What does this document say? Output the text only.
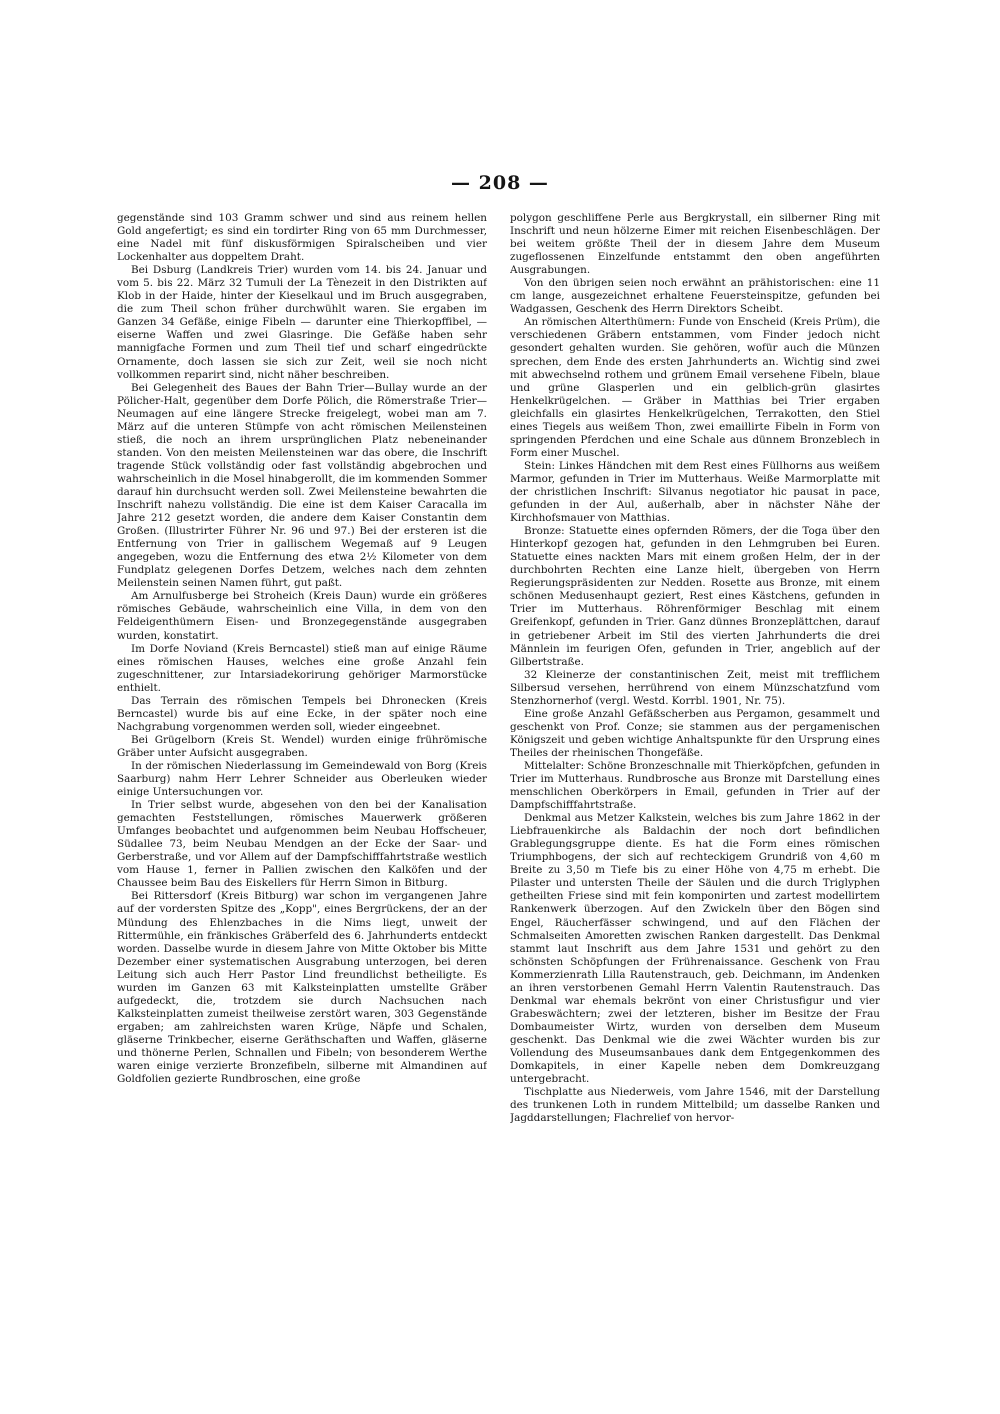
— 208 —

gegenstände sind 103 Gramm schwer und sind aus reinem hellen Gold angefertigt; es sind ein tordirter Ring von 65 mm Durchmesser, eine Nadel mit fünf diskusförmigen Spiralscheiben und vier Lockenhalter aus doppeltem Draht.

Bei Dsburg (Landkreis Trier) wurden vom 14. bis 24. Januar und vom 5. bis 22. März 32 Tumuli der La Tènezeit in den Distrikten auf Klob in der Haide, hinter der Kieselkaul und im Bruch ausgegraben, die zum Theil schon früher durchwühlt waren. Sie ergaben im Ganzen 34 Gefäße, einige Fibeln — darunter eine Thierkopffibel, — eiserne Waffen und zwei Glasringe. Die Gefäße haben sehr mannigfache Formen und zum Theil tief und scharf eingedrückte Ornamente, doch lassen sie sich zur Zeit, weil sie noch nicht vollkommen reparirt sind, nicht näher beschreiben.

Bei Gelegenheit des Baues der Bahn Trier—Bullay wurde an der Pölicher-Halt, gegenüber dem Dorfe Pölich, die Römerstraße Trier—Neumagen auf eine längere Strecke freigelegt, wobei man am 7. März auf die unteren Stümpfe von acht römischen Meilensteinen stieß, die noch an ihrem ursprünglichen Platz nebeneinander standen. Von den meisten Meilensteinen war das obere, die Inschrift tragende Stück vollständig oder fast vollständig abgebrochen und wahrscheinlich in die Mosel hinabgerollt, die im kommenden Sommer darauf hin durchsucht werden soll. Zwei Meilensteine bewahrten die Inschrift nahezu vollständig. Die eine ist dem Kaiser Caracalla im Jahre 212 gesetzt worden, die andere dem Kaiser Constantin dem Großen. (Illustrirter Führer Nr. 96 und 97.) Bei der ersteren ist die Entfernung von Trier in gallischem Wegemaß auf 9 Leugen angegeben, wozu die Entfernung des etwa 2½ Kilometer von dem Fundplatz gelegenen Dorfes Detzem, welches nach dem zehnten Meilenstein seinen Namen führt, gut paßt.

Am Arnulfusberge bei Stroheich (Kreis Daun) wurde ein größeres römisches Gebäude, wahrscheinlich eine Villa, in dem von den Feldeigenthümern Eisen- und Bronzegegenstände ausgegraben wurden, konstatirt.

Im Dorfe Noviand (Kreis Berncastel) stieß man auf einige Räume eines römischen Hauses, welches eine große Anzahl fein zugeschnittener, zur Intarsiadekorirung gehöriger Marmorstücke enthielt.

Das Terrain des römischen Tempels bei Dhronecken (Kreis Berncastel) wurde bis auf eine Ecke, in der später noch eine Nachgrabung vorgenommen werden soll, wieder eingeebnet.

Bei Grügelborn (Kreis St. Wendel) wurden einige frührömische Gräber unter Aufsicht ausgegraben.

In der römischen Niederlassung im Gemeindewald von Borg (Kreis Saarburg) nahm Herr Lehrer Schneider aus Oberleuken wieder einige Untersuchungen vor.

In Trier selbst wurde, abgesehen von den bei der Kanalisation gemachten Feststellungen, römisches Mauerwerk größeren Umfanges beobachtet und aufgenommen beim Neubau Hoffscheuer, Südallee 73, beim Neubau Mendgen an der Ecke der Saar- und Gerberstraße, und vor Allem auf der Dampfschifffahrtstraße westlich vom Hause 1, ferner in Pallien zwischen den Kalköfen und der Chaussee beim Bau des Eiskellers für Herrn Simon in Bitburg.

Bei Rittersdorf (Kreis Bitburg) war schon im vergangenen Jahre auf der vordersten Spitze des „Kopp", eines Bergrückens, der an der Mündung des Ehlenzbaches in die Nims liegt, unweit der Rittermühle, ein fränkisches Gräberfeld des 6. Jahrhunderts entdeckt worden. Dasselbe wurde in diesem Jahre von Mitte Oktober bis Mitte Dezember einer systematischen Ausgrabung unterzogen, bei deren Leitung sich auch Herr Pastor Lind freundlichst betheiligte. Es wurden im Ganzen 63 mit Kalksteinplatten umstellte Gräber aufgedeckt, die, trotzdem sie durch Nachsuchen nach Kalksteinplatten zumeist theilweise zerstört waren, 303 Gegenstände ergaben; am zahlreichsten waren Krüge, Näpfe und Schalen, gläserne Trinkbecher, eiserne Geräthschaften und Waffen, gläserne und thönerne Perlen, Schnallen und Fibeln; von besonderem Werthe waren einige verzierte Bronzefibeln, silberne mit Almandinen auf Goldfolien gezierte Rundbroschen, eine große

polygon geschliffene Perle aus Bergkrystall, ein silberner Ring mit Inschrift und neun hölzerne Eimer mit reichen Eisenbeschlägen. Der bei weitem größte Theil der in diesem Jahre dem Museum zugeflossenen Einzelfunde entstammt den oben angeführten Ausgrabungen.

Von den übrigen seien noch erwähnt an prähistorischen: eine 11 cm lange, ausgezeichnet erhaltene Feuersteinspitze, gefunden bei Wadgassen, Geschenk des Herrn Direktors Scheibt.

An römischen Alterthümern: Funde von Enscheid (Kreis Prüm), die verschiedenen Gräbern entstammen, vom Finder jedoch nicht gesondert gehalten wurden. Sie gehören, wofür auch die Münzen sprechen, dem Ende des ersten Jahrhunderts an. Wichtig sind zwei mit abwechselnd rothem und grünem Email versehene Fibeln, blaue und grüne Glasperlen und ein gelblich-grün glasirtes Henkelkrügelchen. — Gräber in Matthias bei Trier ergaben gleichfalls ein glasirtes Henkelkrügelchen, Terrakotten, den Stiel eines Tiegels aus weißem Thon, zwei emaillirte Fibeln in Form von springenden Pferdchen und eine Schale aus dünnem Bronzeblech in Form einer Muschel.

Stein: Linkes Händchen mit dem Rest eines Füllhorns aus weißem Marmor, gefunden in Trier im Mutterhaus. Weiße Marmorplatte mit der christlichen Inschrift: Silvanus negotiator hic pausat in pace, gefunden in der Aul, außerhalb, aber in nächster Nähe der Kirchhofsmauer von Matthias.

Bronze: Statuette eines opfernden Römers, der die Toga über den Hinterkopf gezogen hat, gefunden in den Lehmgruben bei Euren. Statuette eines nackten Mars mit einem großen Helm, der in der durchbohrten Rechten eine Lanze hielt, übergeben von Herrn Regierungspräsidenten zur Nedden. Rosette aus Bronze, mit einem schönen Medusenhaupt geziert, Rest eines Kästchens, gefunden in Trier im Mutterhaus. Röhrenförmiger Beschlag mit einem Greifenkopf, gefunden in Trier. Ganz dünnes Bronzeplättchen, darauf in getriebener Arbeit im Stil des vierten Jahrhunderts die drei Männlein im feurigen Ofen, gefunden in Trier, angeblich auf der Gilbertstraße.

32 Kleinerze der constantinischen Zeit, meist mit trefflichem Silbersud versehen, herrührend von einem Münzschatzfund vom Stenzhornerhof (vergl. Westd. Korrbl. 1901, Nr. 75).

Eine große Anzahl Gefäßscherben aus Pergamon, gesammelt und geschenkt von Prof. Conze; sie stammen aus der pergamenischen Königszeit und geben wichtige Anhaltspunkte für den Ursprung eines Theiles der rheinischen Thongefäße.

Mittelalter: Schöne Bronzeschnalle mit Thierköpfchen, gefunden in Trier im Mutterhaus. Rundbrosche aus Bronze mit Darstellung eines menschlichen Oberkörpers in Email, gefunden in Trier auf der Dampfschifffahrtstraße.

Denkmal aus Metzer Kalkstein, welches bis zum Jahre 1862 in der Liebfrauenkirche als Baldachin der noch dort befindlichen Grablegungsgruppe diente. Es hat die Form eines römischen Triumphbogens, der sich auf rechteckigem Grundriß von 4,60 m Breite zu 3,50 m Tiefe bis zu einer Höhe von 4,75 m erhebt. Die Pilaster und untersten Theile der Säulen und die durch Triglyphen getheilten Friese sind mit fein komponirten und zartest modellirtem Rankenwerk überzogen. Auf den Zwickeln über den Bögen sind Engel, Räucherfässer schwingend, und auf den Flächen der Schmalseiten Amoretten zwischen Ranken dargestellt. Das Denkmal stammt laut Inschrift aus dem Jahre 1531 und gehört zu den schönsten Schöpfungen der Frührenaissance. Geschenk von Frau Kommerzienrath Lilla Rautenstrauch, geb. Deichmann, im Andenken an ihren verstorbenen Gemahl Herrn Valentin Rautenstrauch. Das Denkmal war ehemals bekrönt von einer Christusfigur und vier Grabeswächtern; zwei der letzteren, bisher im Besitze der Frau Dombaumeister Wirtz, wurden von derselben dem Museum geschenkt. Das Denkmal wie die zwei Wächter wurden bis zur Vollendung des Museumsanbaues dank dem Entgegenkommen des Domkapitels, in einer Kapelle neben dem Domkreuzgang untergebracht.

Tischplatte aus Niederweis, vom Jahre 1546, mit der Darstellung des trunkenen Loth in rundem Mittelbild; um dasselbe Ranken und Jagddarstellungen; Flachrelief von hervor-
